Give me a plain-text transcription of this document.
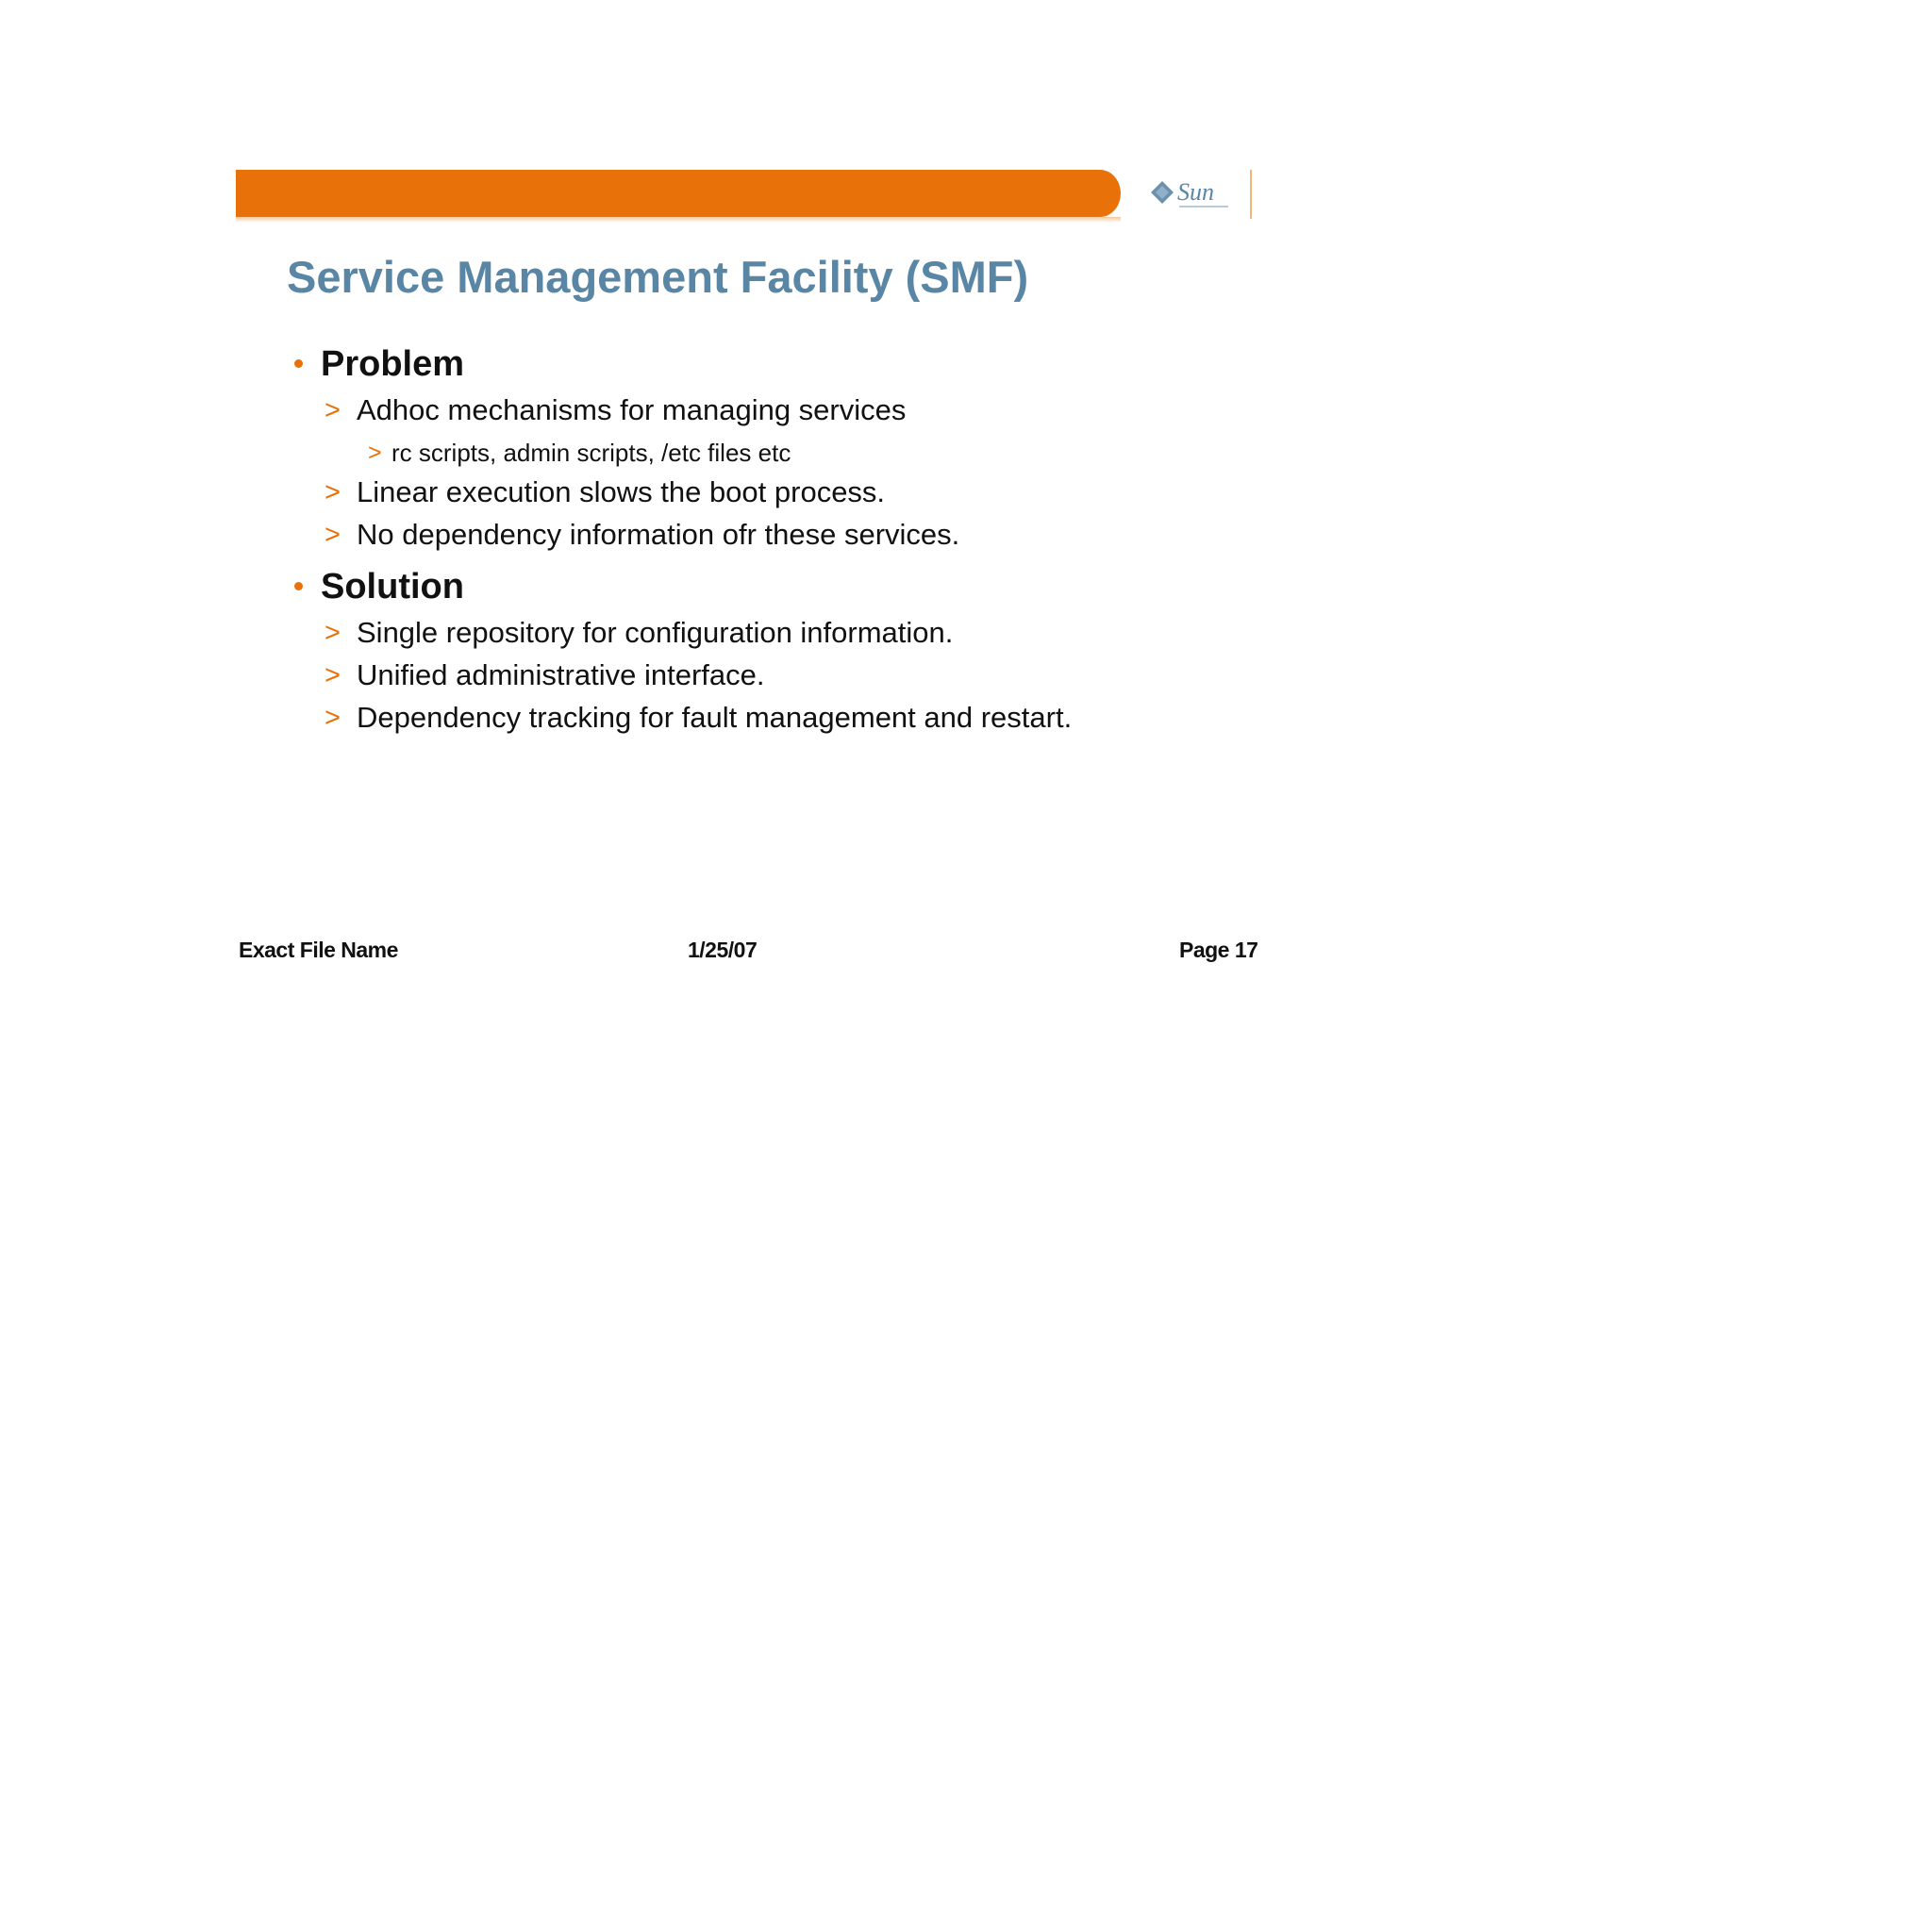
Sun
Service Management Facility (SMF)
Problem
> Adhoc mechanisms for managing services
> rc scripts, admin scripts, /etc files etc
> Linear execution slows the boot process.
> No dependency information ofr these services.
Solution
> Single repository for configuration information.
> Unified administrative interface.
> Dependency tracking for fault management and restart.
Exact File Name	1/25/07	Page 17
